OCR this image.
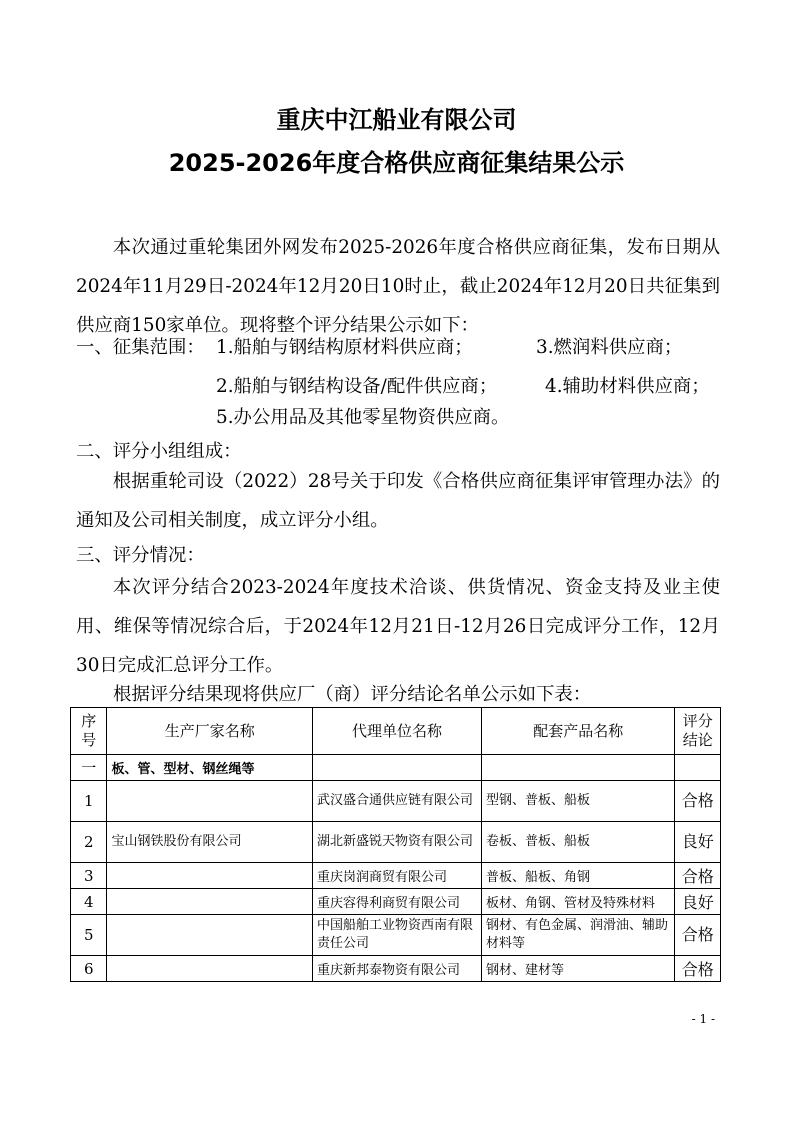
重庆中江船业有限公司
2025-2026年度合格供应商征集结果公示

本次通过重轮集团外网发布2025-2026年度合格供应商征集，发布日期从2024年11月29日-2024年12月20日10时止，截止2024年12月20日共征集到供应商150家单位。现将整个评分结果公示如下：

一、征集范围： 1.船舶与钢结构原材料供应商；	3.燃润料供应商；
2.船舶与钢结构设备/配件供应商；	4.辅助材料供应商；
5.办公用品及其他零星物资供应商。
二、评分小组组成：

根据重轮司设（2022）28号关于印发《合格供应商征集评审管理办法》的通知及公司相关制度，成立评分小组。

三、评分情况：

本次评分结合2023-2024年度技术洽谈、供货情况、资金支持及业主使用、维保等情况综合后，于2024年12月21日-12月26日完成评分工作，12月30日完成汇总评分工作。

根据评分结果现将供应厂（商）评分结论名单公示如下表：
序号	生产厂家名称	代理单位名称	配套产品名称	评分结论
一	板、管、型材、钢丝绳等			
1		武汉盛合通供应链有限公司	型钢、普板、船板	合格
2	宝山钢铁股份有限公司	湖北新盛锐天物资有限公司	卷板、普板、船板	良好
3		重庆岗润商贸有限公司	普板、船板、角钢	合格
4		重庆容得利商贸有限公司	板材、角钢、管材及特殊材料	良好
5		中国船舶工业物资西南有限责任公司	钢材、有色金属、润滑油、辅助材料等	合格
6		重庆新邦泰物资有限公司	钢材、建材等	合格
- 1 -
